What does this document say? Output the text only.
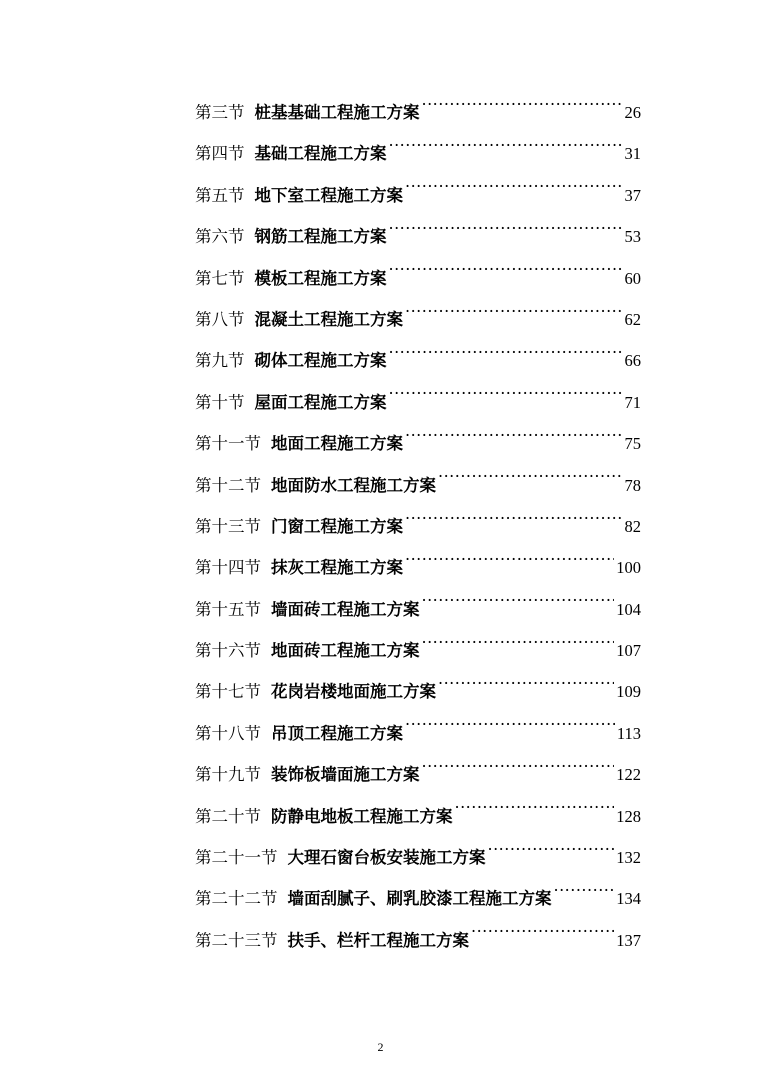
第三节 桩基基础工程施工方案 .....	26
第四节 基础工程施工方案 .....	31
第五节 地下室工程施工方案 .....	37
第六节 钢筋工程施工方案 .....	53
第七节 模板工程施工方案 .....	60
第八节 混凝土工程施工方案 .....	62
第九节 砌体工程施工方案 .....	66
第十节 屋面工程施工方案 .....	71
第十一节 地面工程施工方案 .....	75
第十二节 地面防水工程施工方案 .....	78
第十三节 门窗工程施工方案 .....	82
第十四节 抹灰工程施工方案 .....	100
第十五节 墙面砖工程施工方案 .....	104
第十六节 地面砖工程施工方案 .....	107
第十七节 花岗岩楼地面施工方案 .....	109
第十八节 吊顶工程施工方案 .....	113
第十九节 装饰板墙面施工方案 .....	122
第二十节 防静电地板工程施工方案 .....	128
第二十一节 大理石窗台板安装施工方案 .....	132
第二十二节 墙面刮腻子、刷乳胶漆工程施工方案 .....	134
第二十三节 扶手、栏杆工程施工方案 .....	137
2
